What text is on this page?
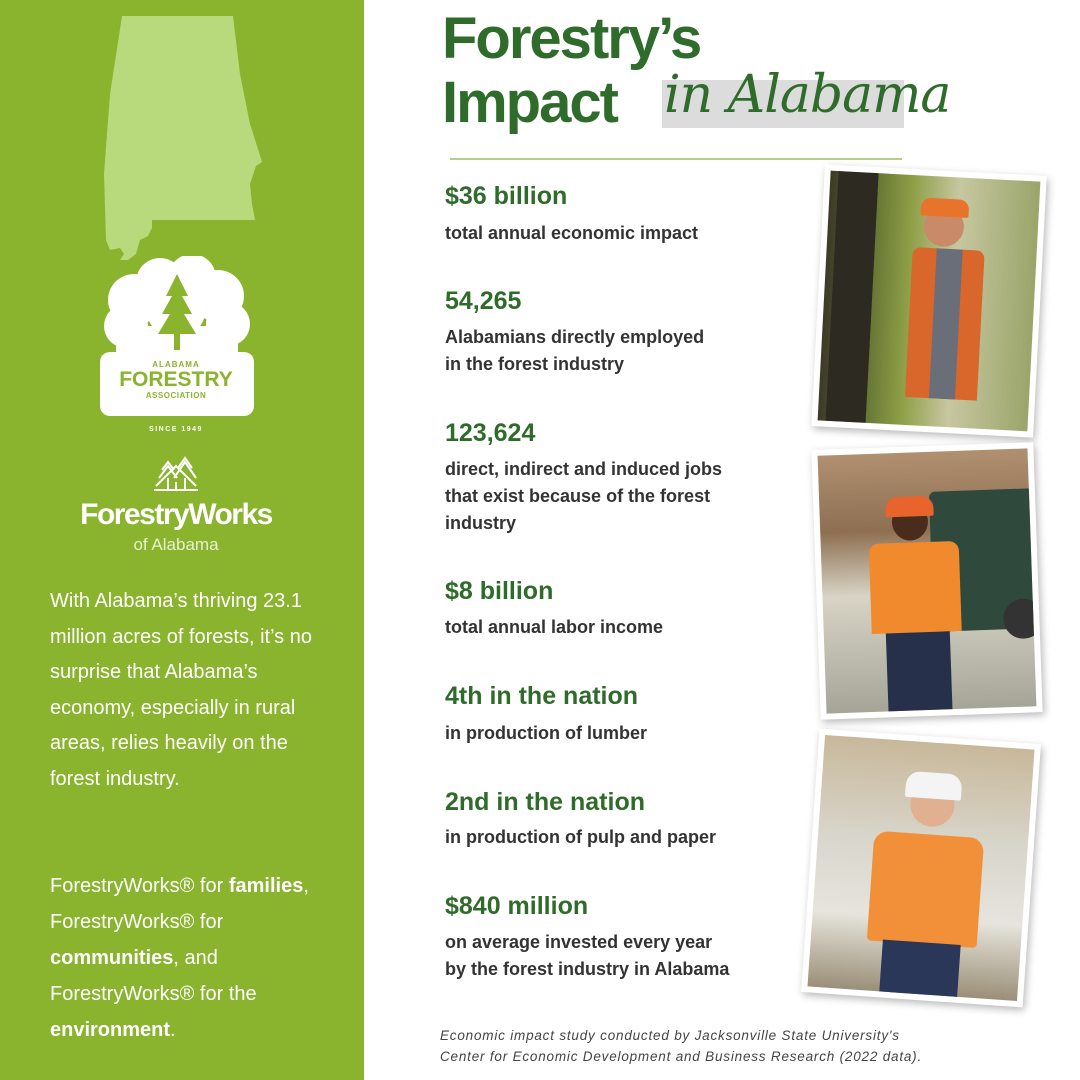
ALABAMA
FORESTRY
ASSOCIATION
SINCE 1949
ForestryWorks
of Alabama

With Alabama’s thriving 23.1 million acres of forests, it’s no surprise that Alabama’s economy, especially in rural areas, relies heavily on the forest industry.

ForestryWorks® for families, ForestryWorks® for communities, and ForestryWorks® for the environment.

Forestry’s
Impact in Alabama
$36 billion
total annual economic impact
54,265
Alabamians directly employed
in the forest industry
123,624
direct, indirect and induced jobs
that exist because of the forest
industry
$8 billion
total annual labor income
4th in the nation
in production of lumber
2nd in the nation
in production of pulp and paper
$840 million
on average invested every year
by the forest industry in Alabama
Economic impact study conducted by Jacksonville State University's
Center for Economic Development and Business Research (2022 data).
